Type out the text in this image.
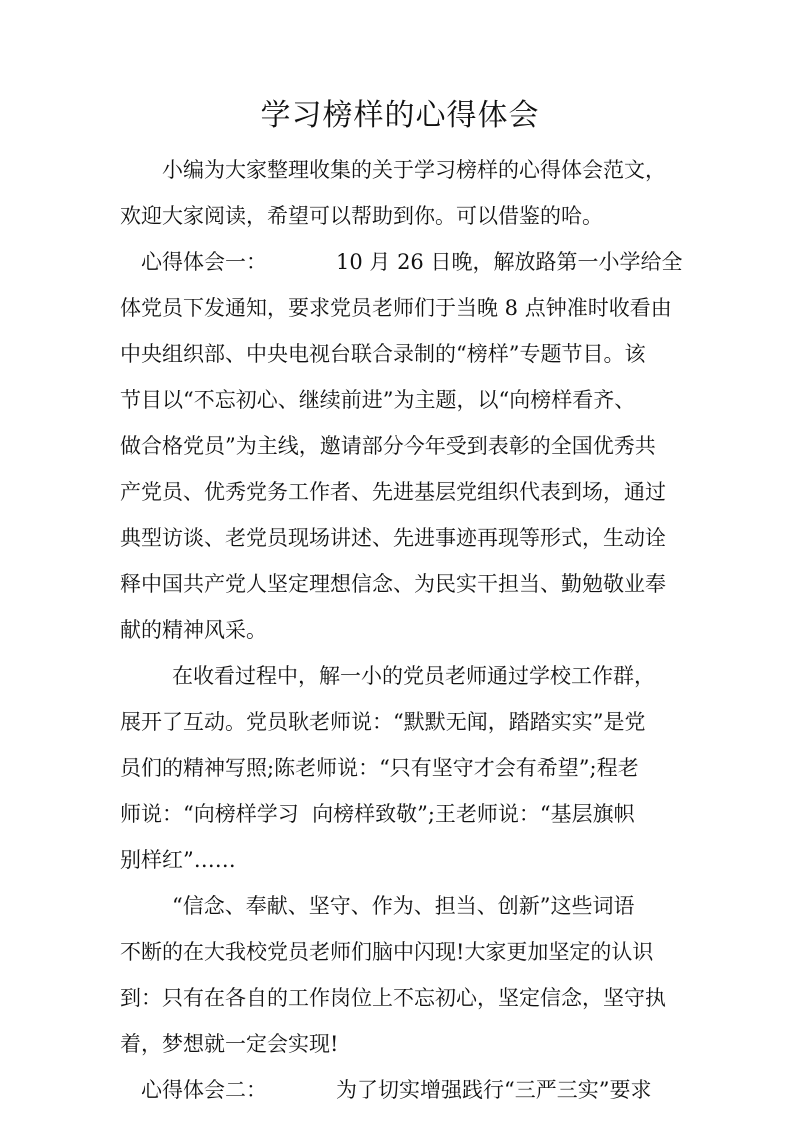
学习榜样的心得体会
小编为大家整理收集的关于学习榜样的心得体会范文，
欢迎大家阅读，希望可以帮助到你。可以借鉴的哈。
心得体会一：	10 月 26 日晚，解放路第一小学给全
体党员下发通知，要求党员老师们于当晚 8 点钟准时收看由
中央组织部、中央电视台联合录制的“榜样”专题节目。该
节目以“不忘初心、继续前进”为主题，以“向榜样看齐、
做合格党员”为主线，邀请部分今年受到表彰的全国优秀共
产党员、优秀党务工作者、先进基层党组织代表到场，通过
典型访谈、老党员现场讲述、先进事迹再现等形式，生动诠
释中国共产党人坚定理想信念、为民实干担当、勤勉敬业奉
献的精神风采。
在收看过程中，解一小的党员老师通过学校工作群，
展开了互动。党员耿老师说：“默默无闻，踏踏实实”是党
员们的精神写照;陈老师说：“只有坚守才会有希望”;程老
师说：“向榜样学习  向榜样致敬”;王老师说：“基层旗帜
别样红”……
“信念、奉献、坚守、作为、担当、创新”这些词语
不断的在大我校党员老师们脑中闪现!大家更加坚定的认识
到：只有在各自的工作岗位上不忘初心，坚定信念，坚守执
着，梦想就一定会实现!
心得体会二：	为了切实增强践行“三严三实”要求
